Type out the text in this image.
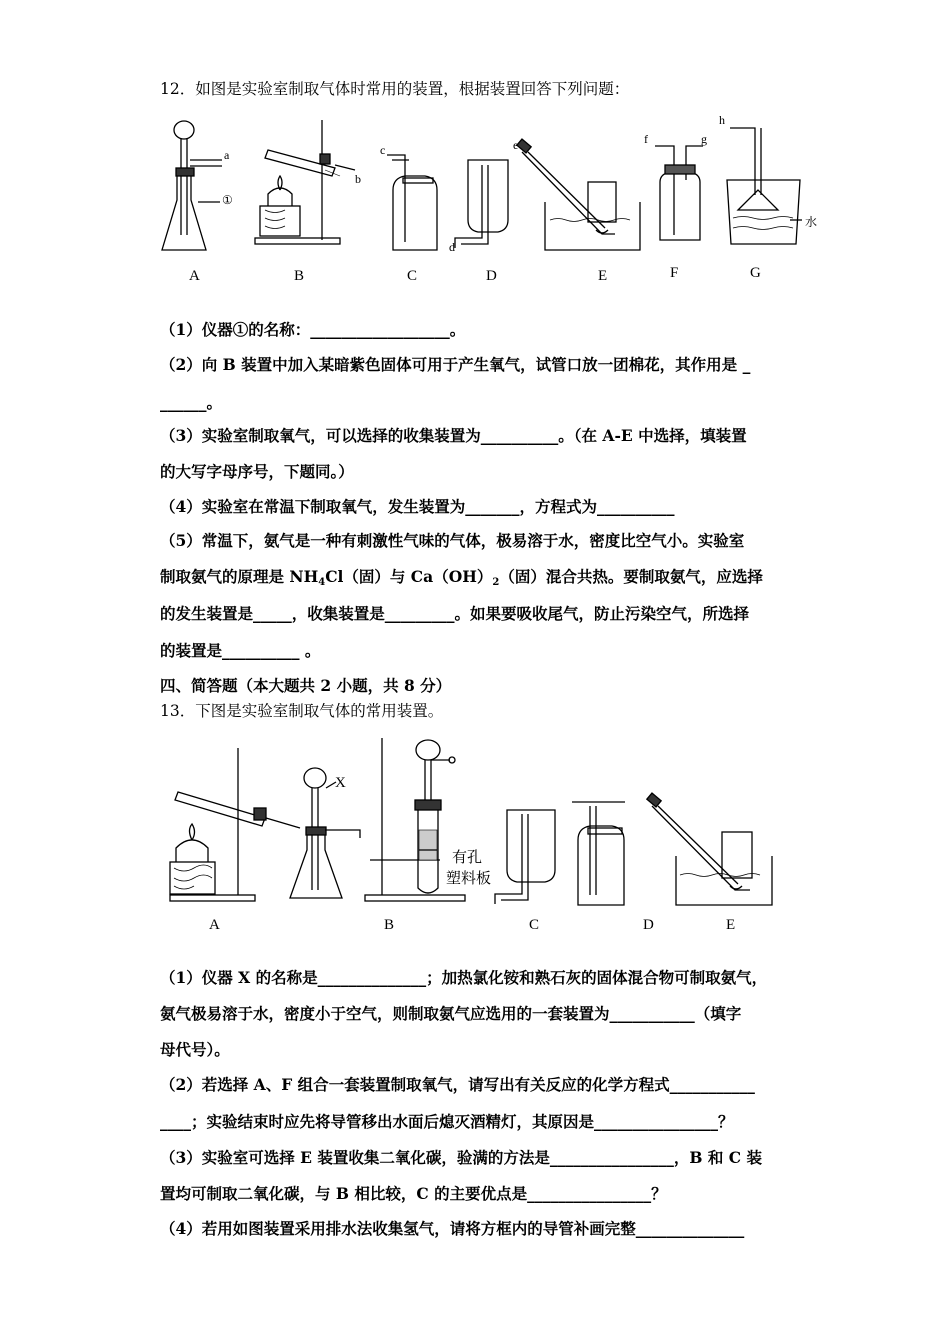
12．如图是实验室制取气体时常用的装置，根据装置回答下列问题：
a
①
b
c
d
e	f	g
h
水
A	B	C	D	E	F	G
（1）仪器①的名称：__________________。
（2）向 B 装置中加入某暗紫色固体可用于产生氧气，试管口放一团棉花，其作用是 _
______。
（3）实验室制取氧气，可以选择的收集装置为__________。（在 A-E 中选择，填装置
的大写字母序号，下题同。）
（4）实验室在常温下制取氧气，发生装置为_______，方程式为__________
（5）常温下，氨气是一种有刺激性气味的气体，极易溶于水，密度比空气小。实验室
制取氨气的原理是 $NH_4Cl$（固）与 $Ca(OH)_2$（固）混合共热。要制取氨气，应选择
的发生装置是_____，收集装置是_________。如果要吸收尾气，防止污染空气，所选择
的装置是__________ 。
四、简答题（本大题共 2 小题，共 8 分）
13．下图是实验室制取气体的常用装置。
X
有孔
塑料板
A	B	C	D	E
（1）仪器 X 的名称是______________；加热氯化铵和熟石灰的固体混合物可制取氨气，
氨气极易溶于水，密度小于空气，则制取氨气应选用的一套装置为___________（填字
母代号）。
（2）若选择 A、F 组合一套装置制取氧气，请写出有关反应的化学方程式___________
____；实验结束时应先将导管移出水面后熄灭酒精灯，其原因是________________？
（3）实验室可选择 E 装置收集二氧化碳，验满的方法是________________，B 和 C 装
置均可制取二氧化碳，与 B 相比较，C 的主要优点是________________？
（4）若用如图装置采用排水法收集氢气，请将方框内的导管补画完整______________
